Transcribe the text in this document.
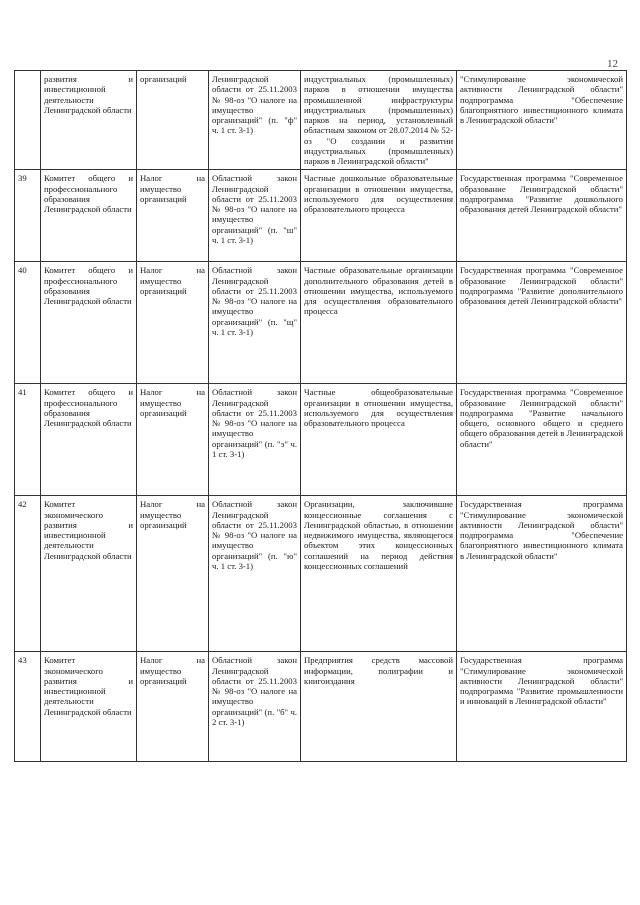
12
	развития и инвестиционной деятельности Ленинградской области	организаций	Ленинградской области от 25.11.2003 № 98-оз "О налоге на имущество организаций" (п. "ф" ч. 1 ст. 3-1)	индустриальных (промышленных) парков в отношении имущества промышленной инфраструктуры индустриальных (промышленных) парков на период, установленный областным законом от 28.07.2014 № 52-оз "О создании и развитии индустриальных (промышленных) парков в Ленинградской области"	"Стимулирование экономической активности Ленинградской области" подпрограмма "Обеспечение благоприятного инвестиционного климата в Ленинградской области"
39	Комитет общего и профессионального образования Ленинградской области	Налог на имущество организаций	Областной закон Ленинградской области от 25.11.2003 № 98-оз "О налоге на имущество организаций" (п. "ш" ч. 1 ст. 3-1)	Частные дошкольные образовательные организации в отношении имущества, используемого для осуществления образовательного процесса	Государственная программа "Современное образование Ленинградской области" подпрограмма "Развитие дошкольного образования детей Ленинградской области"
40	Комитет общего и профессионального образования Ленинградской области	Налог на имущество организаций	Областной закон Ленинградской области от 25.11.2003 № 98-оз "О налоге на имущество организаций" (п. "щ" ч. 1 ст. 3-1)	Частные образовательные организации дополнительного образования детей в отношении имущества, используемого для осуществления образовательного процесса	Государственная программа "Современное образование Ленинградской области" подпрограмма "Развитие дополнительного образования детей Ленинградской области"
41	Комитет общего и профессионального образования Ленинградской области	Налог на имущество организаций	Областной закон Ленинградской области от 25.11.2003 № 98-оз "О налоге на имущество организаций" (п. "э" ч. 1 ст. 3-1)	Частные общеобразовательные организации в отношении имущества, используемого для осуществления образовательного процесса	Государственная программа "Современное образование Ленинградской области" подпрограмма "Развитие начального общего, основного общего и среднего общего образования детей в Ленинградской области"
42	Комитет экономического развития и инвестиционной деятельности Ленинградской области	Налог на имущество организаций	Областной закон Ленинградской области от 25.11.2003 № 98-оз "О налоге на имущество организаций" (п. "ю" ч. 1 ст. 3-1)	Организации, заключившие концессионные соглашения с Ленинградской областью, в отношении недвижимого имущества, являющегося объектом этих концессионных соглашений на период действия концессионных соглашений	Государственная программа "Стимулирование экономической активности Ленинградской области" подпрограмма "Обеспечение благоприятного инвестиционного климата в Ленинградской области"
43	Комитет экономического развития и инвестиционной деятельности Ленинградской области	Налог на имущество организаций	Областной закон Ленинградской области от 25.11.2003 № 98-оз "О налоге на имущество организаций" (п. "б" ч. 2 ст. 3-1)	Предприятия средств массовой информации, полиграфии и книгоиздания	Государственная программа "Стимулирование экономической активности Ленинградской области" подпрограмма "Развитие промышленности и инноваций в Ленинградской области"
